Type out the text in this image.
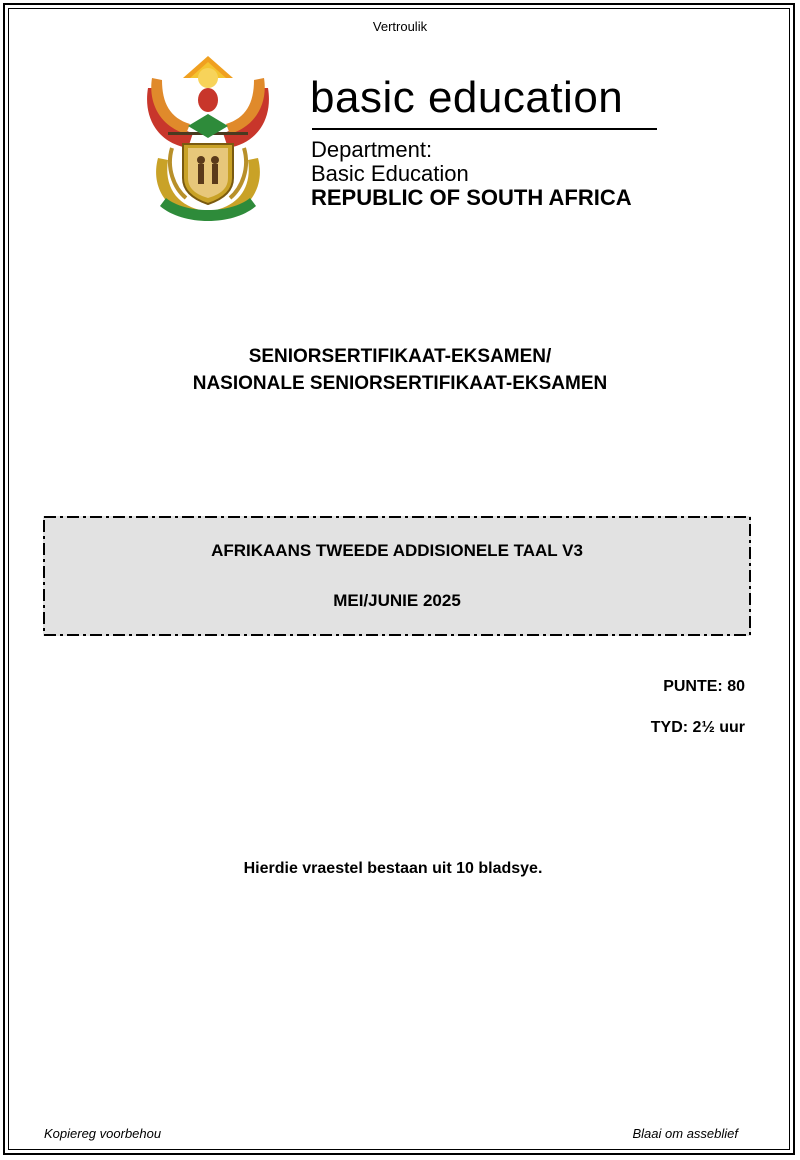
Vertroulik
basic education
Department:
Basic Education
REPUBLIC OF SOUTH AFRICA
SENIORSERTIFIKAAT-EKSAMEN/
NASIONALE SENIORSERTIFIKAAT-EKSAMEN
AFRIKAANS TWEEDE ADDISIONELE TAAL V3
MEI/JUNIE 2025
PUNTE: 80
TYD: 2½ uur
Hierdie vraestel bestaan uit 10 bladsye.
Kopiereg voorbehou	Blaai om asseblief
